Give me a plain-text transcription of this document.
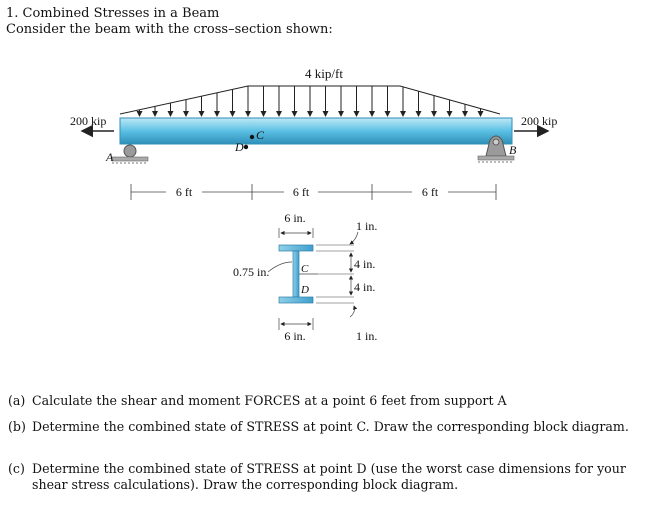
1. Combined Stresses in a Beam
Consider the beam with the cross–section shown:
4 kip/ft
200 kip	200 kip
C
D
A	B
6 ft	6 ft	6 ft
6 in.
C
D
0.75 in.
1 in.
4 in.
4 in.
1 in.
6 in.
(a) Calculate the shear and moment FORCES at a point 6 feet from support A
(b) Determine the combined state of STRESS at point C. Draw the corresponding block diagram.
(c) Determine the combined state of STRESS at point D (use the worst case dimensions for your shear stress calculations). Draw the corresponding block diagram.
